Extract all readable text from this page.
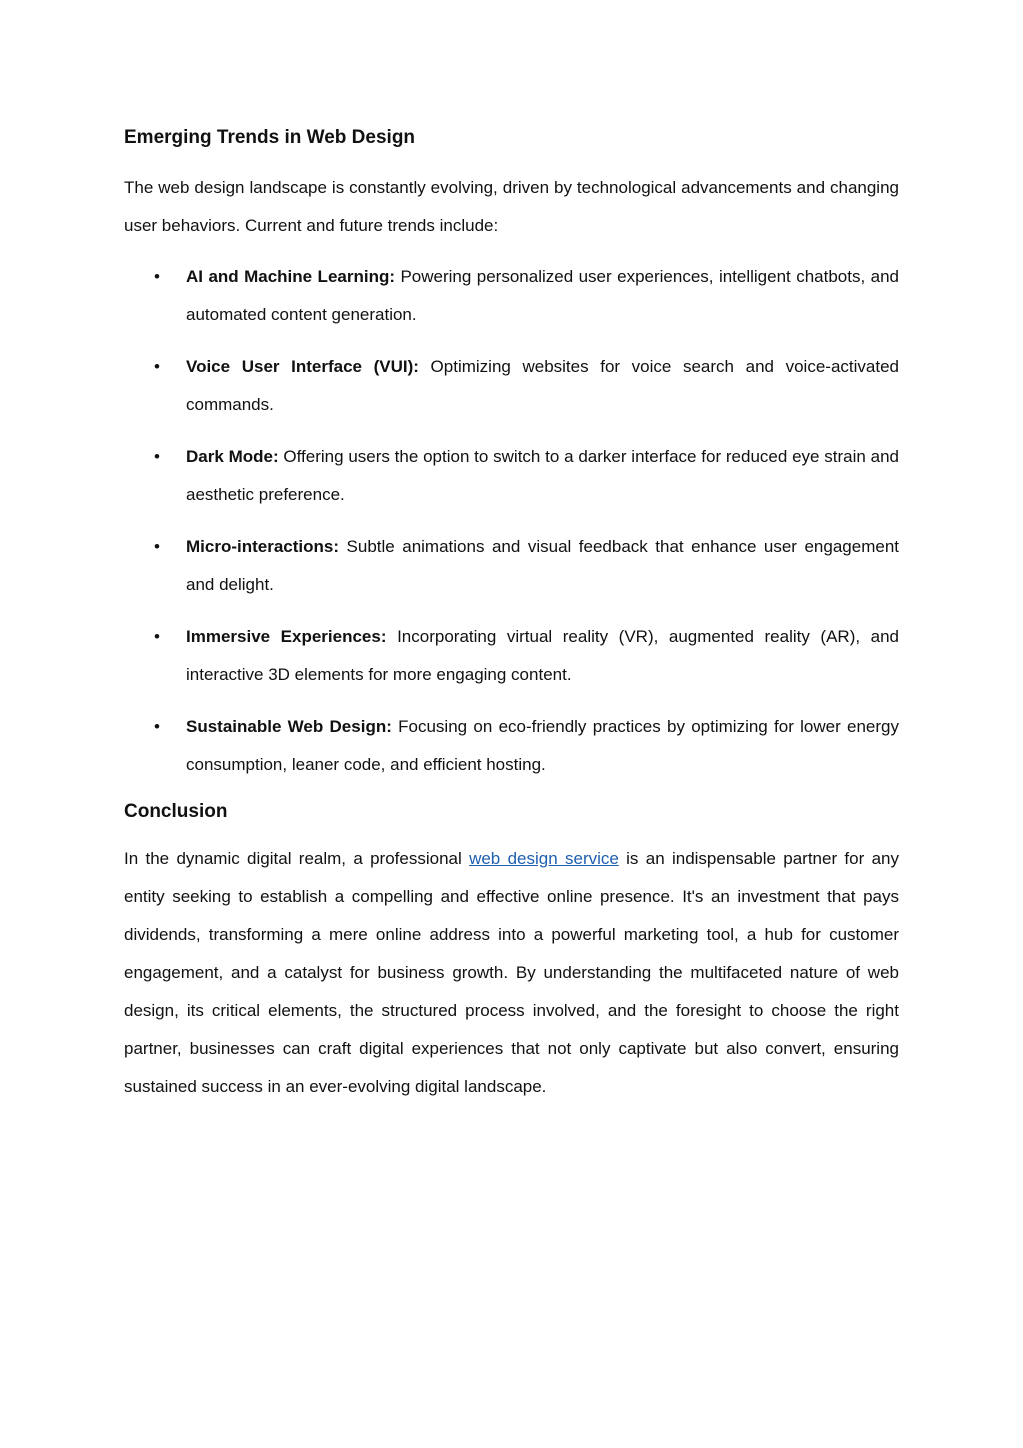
Emerging Trends in Web Design

The web design landscape is constantly evolving, driven by technological advancements and changing user behaviors. Current and future trends include:

• AI and Machine Learning: Powering personalized user experiences, intelligent chatbots, and automated content generation.
• Voice User Interface (VUI): Optimizing websites for voice search and voice-activated commands.
• Dark Mode: Offering users the option to switch to a darker interface for reduced eye strain and aesthetic preference.
• Micro-interactions: Subtle animations and visual feedback that enhance user engagement and delight.
• Immersive Experiences: Incorporating virtual reality (VR), augmented reality (AR), and interactive 3D elements for more engaging content.
• Sustainable Web Design: Focusing on eco-friendly practices by optimizing for lower energy consumption, leaner code, and efficient hosting.
Conclusion

In the dynamic digital realm, a professional web design service is an indispensable partner for any entity seeking to establish a compelling and effective online presence. It's an investment that pays dividends, transforming a mere online address into a powerful marketing tool, a hub for customer engagement, and a catalyst for business growth. By understanding the multifaceted nature of web design, its critical elements, the structured process involved, and the foresight to choose the right partner, businesses can craft digital experiences that not only captivate but also convert, ensuring sustained success in an ever-evolving digital landscape.
